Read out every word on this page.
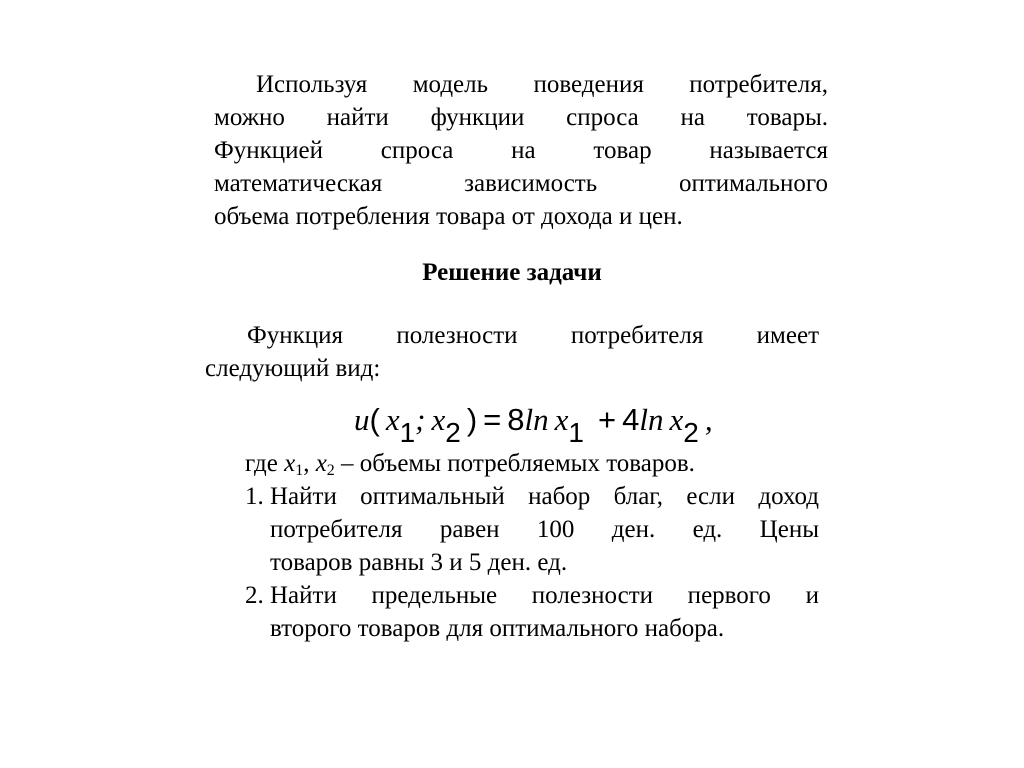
Используя модель поведения потребителя,
можно найти функции спроса на товары.
Функцией спроса на товар называется
математическая зависимость оптимального
объема потребления товара от дохода и цен.
Решение задачи
Функция полезности потребителя имеет
следующий вид:
u( x1; x2 ) = 8ln x1 + 4ln x2 ,
где $x_1$, $x_2$ – объемы потребляемых товаров.
1. Найти оптимальный набор благ, если доход
потребителя равен 100 ден. ед. Цены
товаров равны 3 и 5 ден. ед.
2. Найти предельные полезности первого и
второго товаров для оптимального набора.
